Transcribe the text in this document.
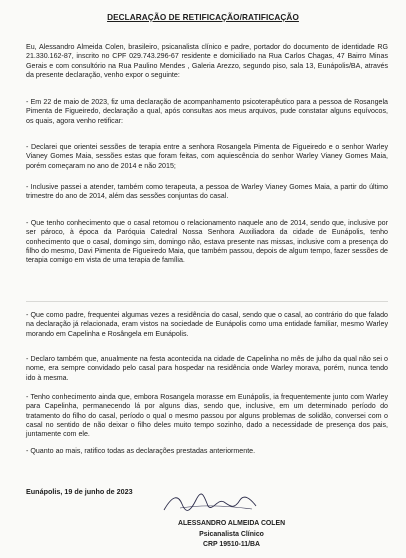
DECLARAÇÃO DE RETIFICAÇÃO/RATIFICAÇÃO
Eu, Alessandro Almeida Colen, brasileiro, psicanalista clínico e padre, portador do documento de identidade RG 21.330.162-87, inscrito no CPF 029.743.296-67 residente e domiciliado na Rua Carlos Chagas, 47 Bairro Minas Gerais e com consultório na Rua Paulino Mendes , Galeria Arezzo, segundo piso, sala 13, Eunápolis/BA, através da presente declaração, venho expor o seguinte:
- Em 22 de maio de 2023, fiz uma declaração de acompanhamento psicoterapêutico para a pessoa de Rosangela Pimenta de Figueiredo, declaração a qual, após consultas aos meus arquivos, pude constatar alguns equívocos, os quais, agora venho retificar:
- Declarei que orientei sessões de terapia entre a senhora Rosangela Pimenta de Figueiredo e o senhor Warley Vianey Gomes Maia, sessões estas que foram feitas, com aquiescência do senhor Warley Vianey Gomes Maia, porém começaram no ano de 2014 e não 2015;
- Inclusive passei a atender, também como terapeuta, a pessoa de Warley Vianey Gomes Maia, a partir do último trimestre do ano de 2014, além das sessões conjuntas do casal.
- Que tenho conhecimento que o casal retomou o relacionamento naquele ano de 2014, sendo que, inclusive por ser pároco, à época da Paróquia Catedral Nossa Senhora Auxiliadora da cidade de Eunápolis, tenho conhecimento que o casal, domingo sim, domingo não, estava presente nas missas, inclusive com a presença do filho do mesmo, Davi Pimenta de Figueiredo Maia, que também passou, depois de algum tempo, fazer sessões de terapia comigo em vista de uma terapia de família.
- Que como padre, frequentei algumas vezes a residência do casal, sendo que o casal, ao contrário do que falado na declaração já relacionada, eram vistos na sociedade de Eunápolis como uma entidade familiar, mesmo Warley morando em Capelinha e Rosângela em Eunápolis.
- Declaro também que, anualmente na festa acontecida na cidade de Capelinha no mês de julho da qual não sei o nome, era sempre convidado pelo casal para hospedar na residência onde Warley morava, porém, nunca tendo ido à mesma.
- Tenho conhecimento ainda que, embora Rosangela morasse em Eunápolis, ia frequentemente junto com Warley para Capelinha, permanecendo lá por alguns dias, sendo que, inclusive, em um determinado período do tratamento do filho do casal, período o qual o mesmo passou por alguns problemas de solidão, conversei com o casal no sentido de não deixar o filho deles muito tempo sozinho, dado a necessidade de presença dos pais, juntamente com ele.
- Quanto ao mais, ratifico todas as declarações prestadas anteriormente.
Eunápolis, 19 de junho de 2023
ALESSANDRO ALMEIDA COLEN
Psicanalista Clínico
CRP 19510-11/BA
